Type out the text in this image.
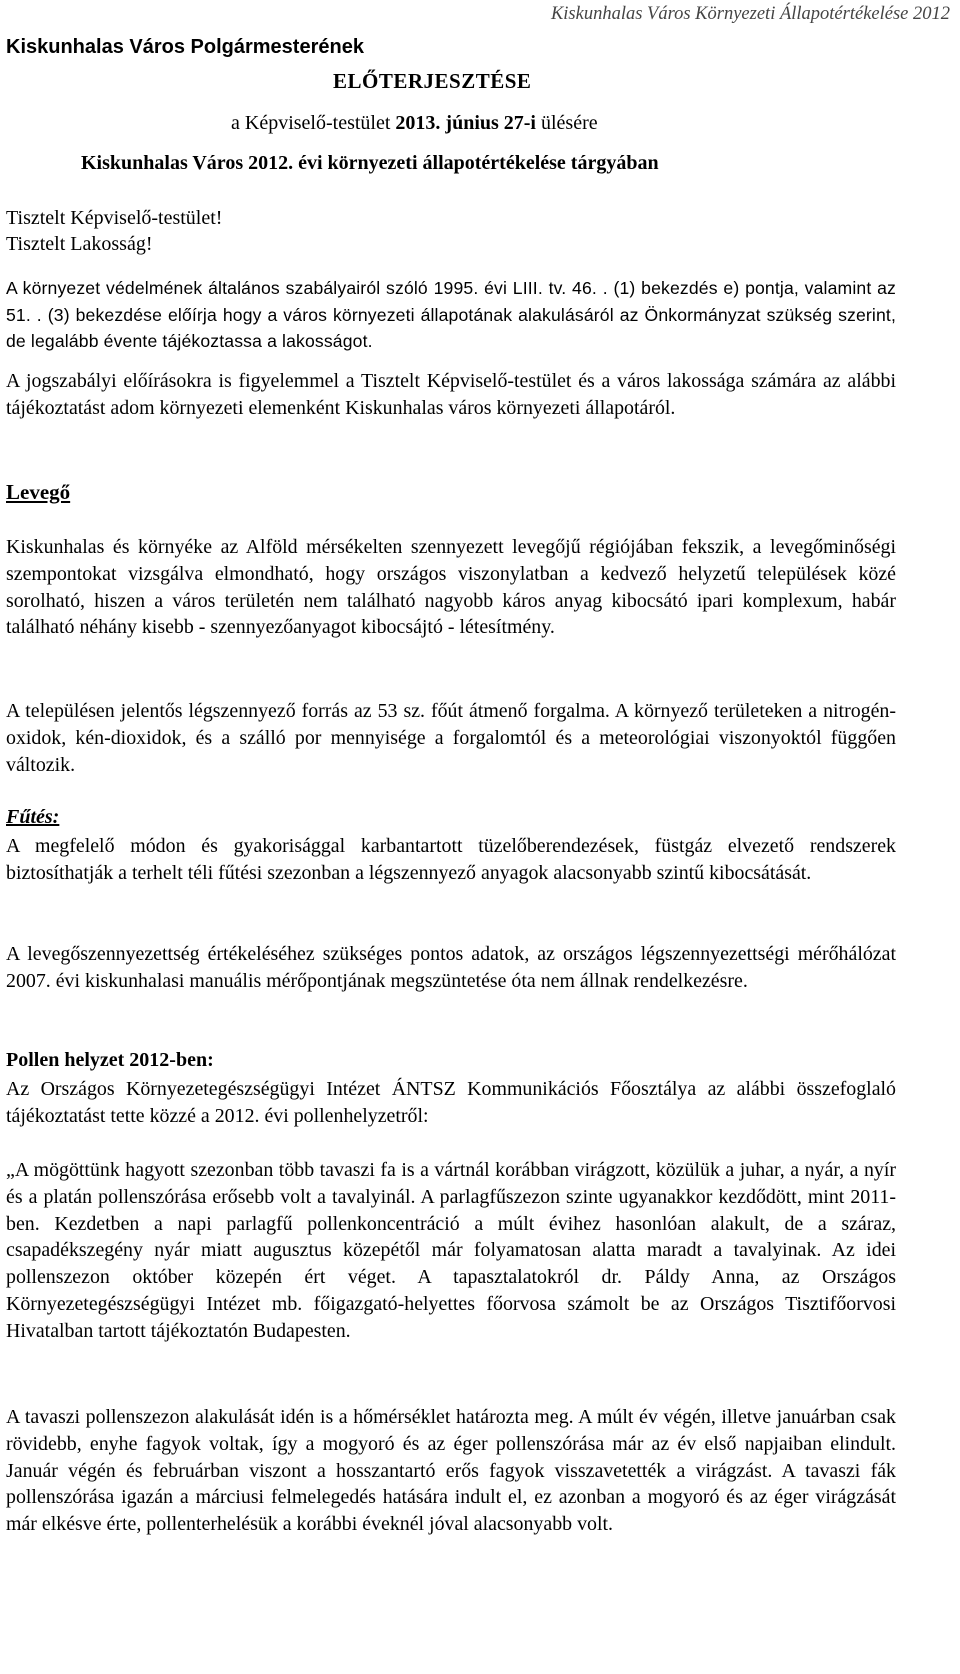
Kiskunhalas Város Környezeti Állapotértékelése 2012
Kiskunhalas Város Polgármesterének
ELŐTERJESZTÉSE
a Képviselő-testület 2013. június 27-i ülésére
Kiskunhalas Város 2012. évi környezeti állapotértékelése tárgyában
Tisztelt Képviselő-testület!
Tisztelt Lakosság!

A környezet védelmének általános szabályairól szóló 1995. évi LIII. tv. 46. . (1) bekezdés e) pontja, valamint az 51. . (3) bekezdése előírja hogy a város környezeti állapotának alakulásáról az Önkormányzat szükség szerint, de legalább évente tájékoztassa a lakosságot.

A jogszabályi előírásokra is figyelemmel a Tisztelt Képviselő-testület és a város lakossága számára az alábbi tájékoztatást adom környezeti elemenként Kiskunhalas város környezeti állapotáról.

Levegő

Kiskunhalas és környéke az Alföld mérsékelten szennyezett levegőjű régiójában fekszik, a levegőminőségi szempontokat vizsgálva elmondható, hogy országos viszonylatban a kedvező helyzetű települések közé sorolható, hiszen a város területén nem található nagyobb káros anyag kibocsátó ipari komplexum, habár található néhány kisebb - szennyezőanyagot kibocsájtó - létesítmény.

A településen jelentős légszennyező forrás az 53 sz. főút átmenő forgalma. A környező területeken a nitrogén-oxidok, kén-dioxidok, és a szálló por mennyisége a forgalomtól és a meteorológiai viszonyoktól függően változik.

Fűtés:

A megfelelő módon és gyakorisággal karbantartott tüzelőberendezések, füstgáz elvezető rendszerek biztosíthatják a terhelt téli fűtési szezonban a légszennyező anyagok alacsonyabb szintű kibocsátását.

A levegőszennyezettség értékeléséhez szükséges pontos adatok, az országos légszennyezettségi mérőhálózat 2007. évi kiskunhalasi manuális mérőpontjának megszüntetése óta nem állnak rendelkezésre.

Pollen helyzet 2012-ben:

Az Országos Környezetegészségügyi Intézet ÁNTSZ Kommunikációs Főosztálya az alábbi összefoglaló tájékoztatást tette közzé a 2012. évi pollenhelyzetről:

„A mögöttünk hagyott szezonban több tavaszi fa is a vártnál korábban virágzott, közülük a juhar, a nyár, a nyír és a platán pollenszórása erősebb volt a tavalyinál. A parlagfűszezon szinte ugyanakkor kezdődött, mint 2011-ben. Kezdetben a napi parlagfű pollenkoncentráció a múlt évihez hasonlóan alakult, de a száraz, csapadékszegény nyár miatt augusztus közepétől már folyamatosan alatta maradt a tavalyinak. Az idei pollenszezon október közepén ért véget. A tapasztalatokról dr. Páldy Anna, az Országos Környezetegészségügyi Intézet mb. főigazgató-helyettes főorvosa számolt be az Országos Tisztifőorvosi Hivatalban tartott tájékoztatón Budapesten.

A tavaszi pollenszezon alakulását idén is a hőmérséklet határozta meg. A múlt év végén, illetve januárban csak rövidebb, enyhe fagyok voltak, így a mogyoró és az éger pollenszórása már az év első napjaiban elindult. Január végén és februárban viszont a hosszantartó erős fagyok visszavetették a virágzást. A tavaszi fák pollenszórása igazán a márciusi felmelegedés hatására indult el, ez azonban a mogyoró és az éger virágzását már elkésve érte, pollenterhelésük a korábbi éveknél jóval alacsonyabb volt.
